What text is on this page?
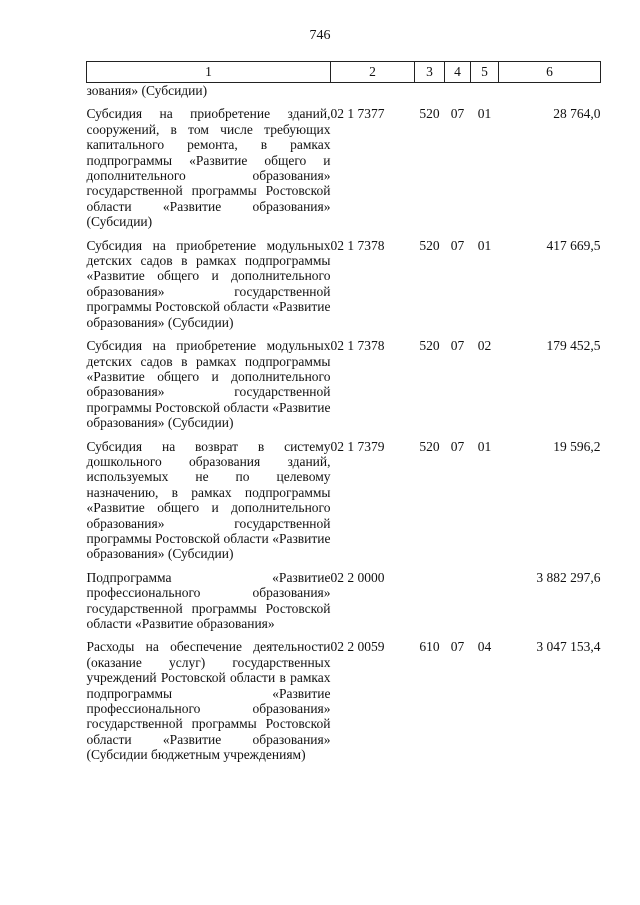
746
1	2	3	4	5	6
зования» (Субсидии)					
Субсидия на приобретение зданий, сооружений, в том числе требующих капитального ремонта, в рамках подпрограммы «Развитие общего и дополнительного образования» государственной программы Ростовской области «Развитие образования» (Субсидии)	02 1 7377	520	07	01	28 764,0
Субсидия на приобретение модульных детских садов в рамках подпрограммы «Развитие общего и дополнительного образования» государственной программы Ростовской области «Развитие образования» (Субсидии)	02 1 7378	520	07	01	417 669,5
Субсидия на приобретение модульных детских садов в рамках подпрограммы «Развитие общего и дополнительного образования» государственной программы Ростовской области «Развитие образования» (Субсидии)	02 1 7378	520	07	02	179 452,5
Субсидия на возврат в систему дошкольного образования зданий, используемых не по целевому назначению, в рамках подпрограммы «Развитие общего и дополнительного образования» государственной программы Ростовской области «Развитие образования» (Субсидии)	02 1 7379	520	07	01	19 596,2
Подпрограмма «Развитие профессионального образования» государственной программы Ростовской области «Развитие образования»	02 2 0000				3 882 297,6
Расходы на обеспечение деятельности (оказание услуг) государственных учреждений Ростовской области в рамках подпрограммы «Развитие профессионального образования» государственной программы Ростовской области «Развитие образования» (Субсидии бюджетным учреждениям)	02 2 0059	610	07	04	3 047 153,4
